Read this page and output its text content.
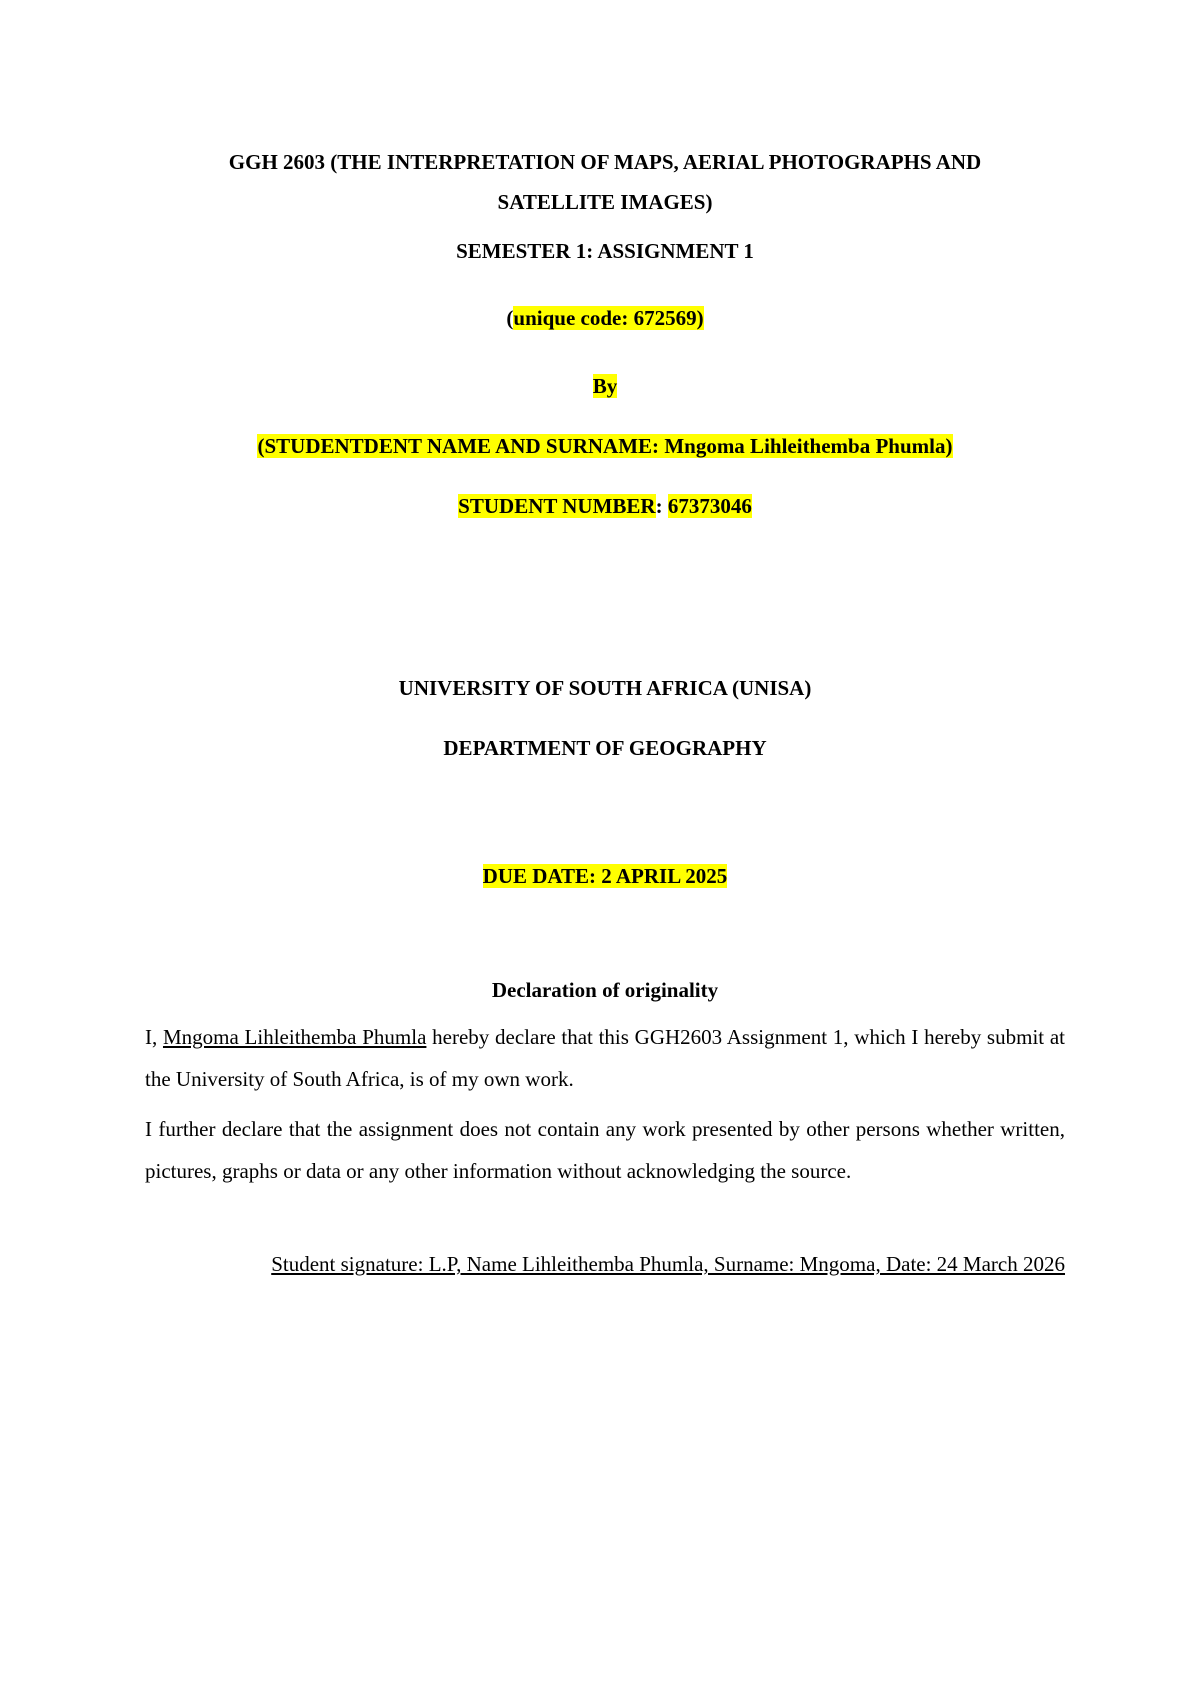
GGH 2603 (THE INTERPRETATION OF MAPS, AERIAL PHOTOGRAPHS AND
SATELLITE IMAGES)
SEMESTER 1: ASSIGNMENT 1
(unique code: 672569)
By
(STUDENTDENT NAME AND SURNAME: Mngoma Lihleithemba Phumla)
STUDENT NUMBER: 67373046
UNIVERSITY OF SOUTH AFRICA (UNISA)
DEPARTMENT OF GEOGRAPHY
DUE DATE: 2 APRIL 2025
Declaration of originality
I, Mngoma Lihleithemba Phumla hereby declare that this GGH2603 Assignment 1, which I hereby submit at the University of South Africa, is of my own work.
I further declare that the assignment does not contain any work presented by other persons whether written, pictures, graphs or data or any other information without acknowledging the source.
Student signature: L.P, Name Lihleithemba Phumla, Surname: Mngoma, Date: 24 March 2026
